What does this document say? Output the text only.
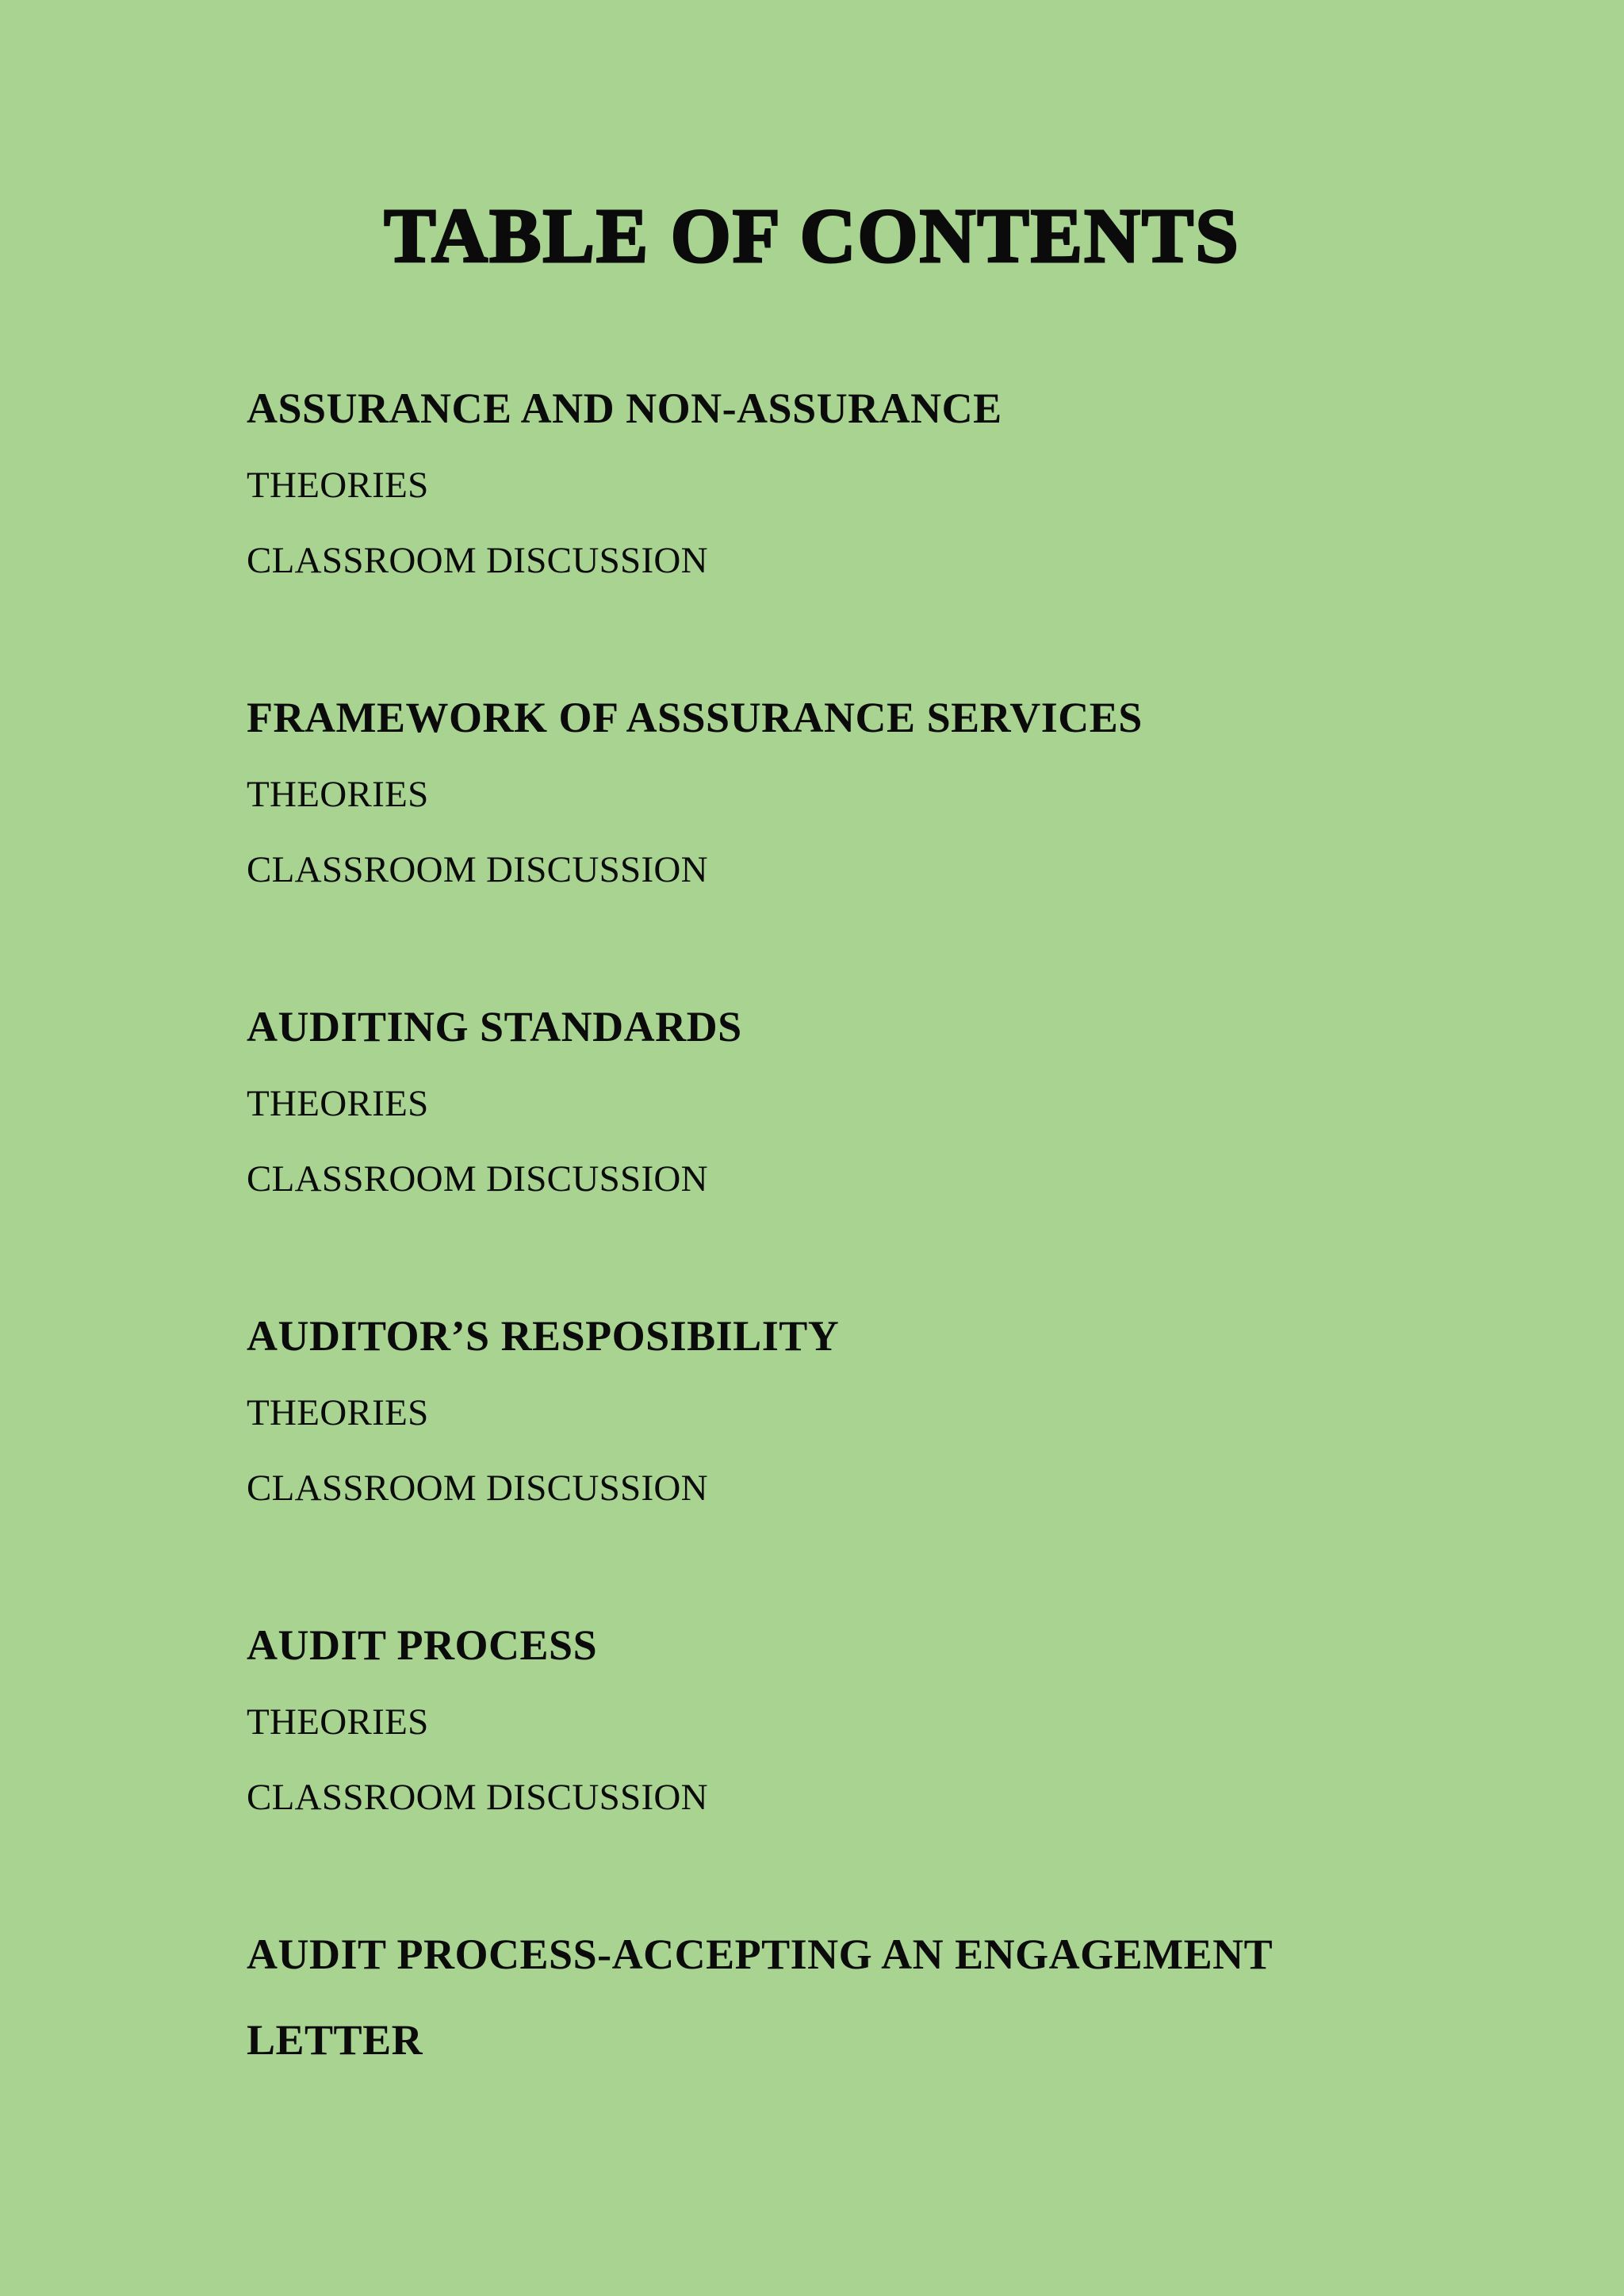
TABLE OF CONTENTS
ASSURANCE AND NON-ASSURANCE

THEORIES

CLASSROOM DISCUSSION

FRAMEWORK OF ASSSURANCE SERVICES

THEORIES

CLASSROOM DISCUSSION

AUDITING STANDARDS

THEORIES

CLASSROOM DISCUSSION

AUDITOR’S RESPOSIBILITY

THEORIES

CLASSROOM DISCUSSION

AUDIT PROCESS

THEORIES

CLASSROOM DISCUSSION

AUDIT PROCESS-ACCEPTING AN ENGAGEMENT
LETTER
